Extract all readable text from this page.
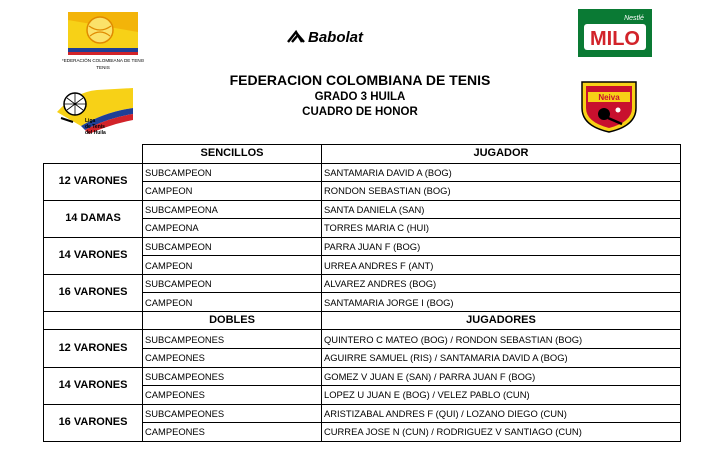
FEDERACIÓN COLOMBIANA DE TENIS
TENIS
Babolat
Nestlé
MILO
Liga
de Tenis
del Huila
Neiva
FEDERACION COLOMBIANA DE TENIS
GRADO 3 HUILA
CUADRO DE HONOR
	SENCILLOS	JUGADOR
12 VARONES	SUBCAMPEON	SANTAMARIA DAVID A (BOG)
	CAMPEON	RONDON SEBASTIAN (BOG)
14 DAMAS	SUBCAMPEONA	SANTA DANIELA (SAN)
	CAMPEONA	TORRES MARIA C (HUI)
14 VARONES	SUBCAMPEON	PARRA JUAN F (BOG)
	CAMPEON	URREA ANDRES F (ANT)
16 VARONES	SUBCAMPEON	ALVAREZ ANDRES (BOG)
	CAMPEON	SANTAMARIA JORGE I (BOG)
	DOBLES	JUGADORES
12 VARONES	SUBCAMPEONES	QUINTERO C MATEO (BOG) / RONDON SEBASTIAN (BOG)
	CAMPEONES	AGUIRRE SAMUEL (RIS) / SANTAMARIA DAVID A (BOG)
14 VARONES	SUBCAMPEONES	GOMEZ V JUAN E (SAN) / PARRA JUAN F (BOG)
	CAMPEONES	LOPEZ U JUAN E (BOG) / VELEZ PABLO (CUN)
16 VARONES	SUBCAMPEONES	ARISTIZABAL ANDRES F (QUI) / LOZANO DIEGO (CUN)
	CAMPEONES	CURREA JOSE N (CUN) / RODRIGUEZ V SANTIAGO (CUN)
